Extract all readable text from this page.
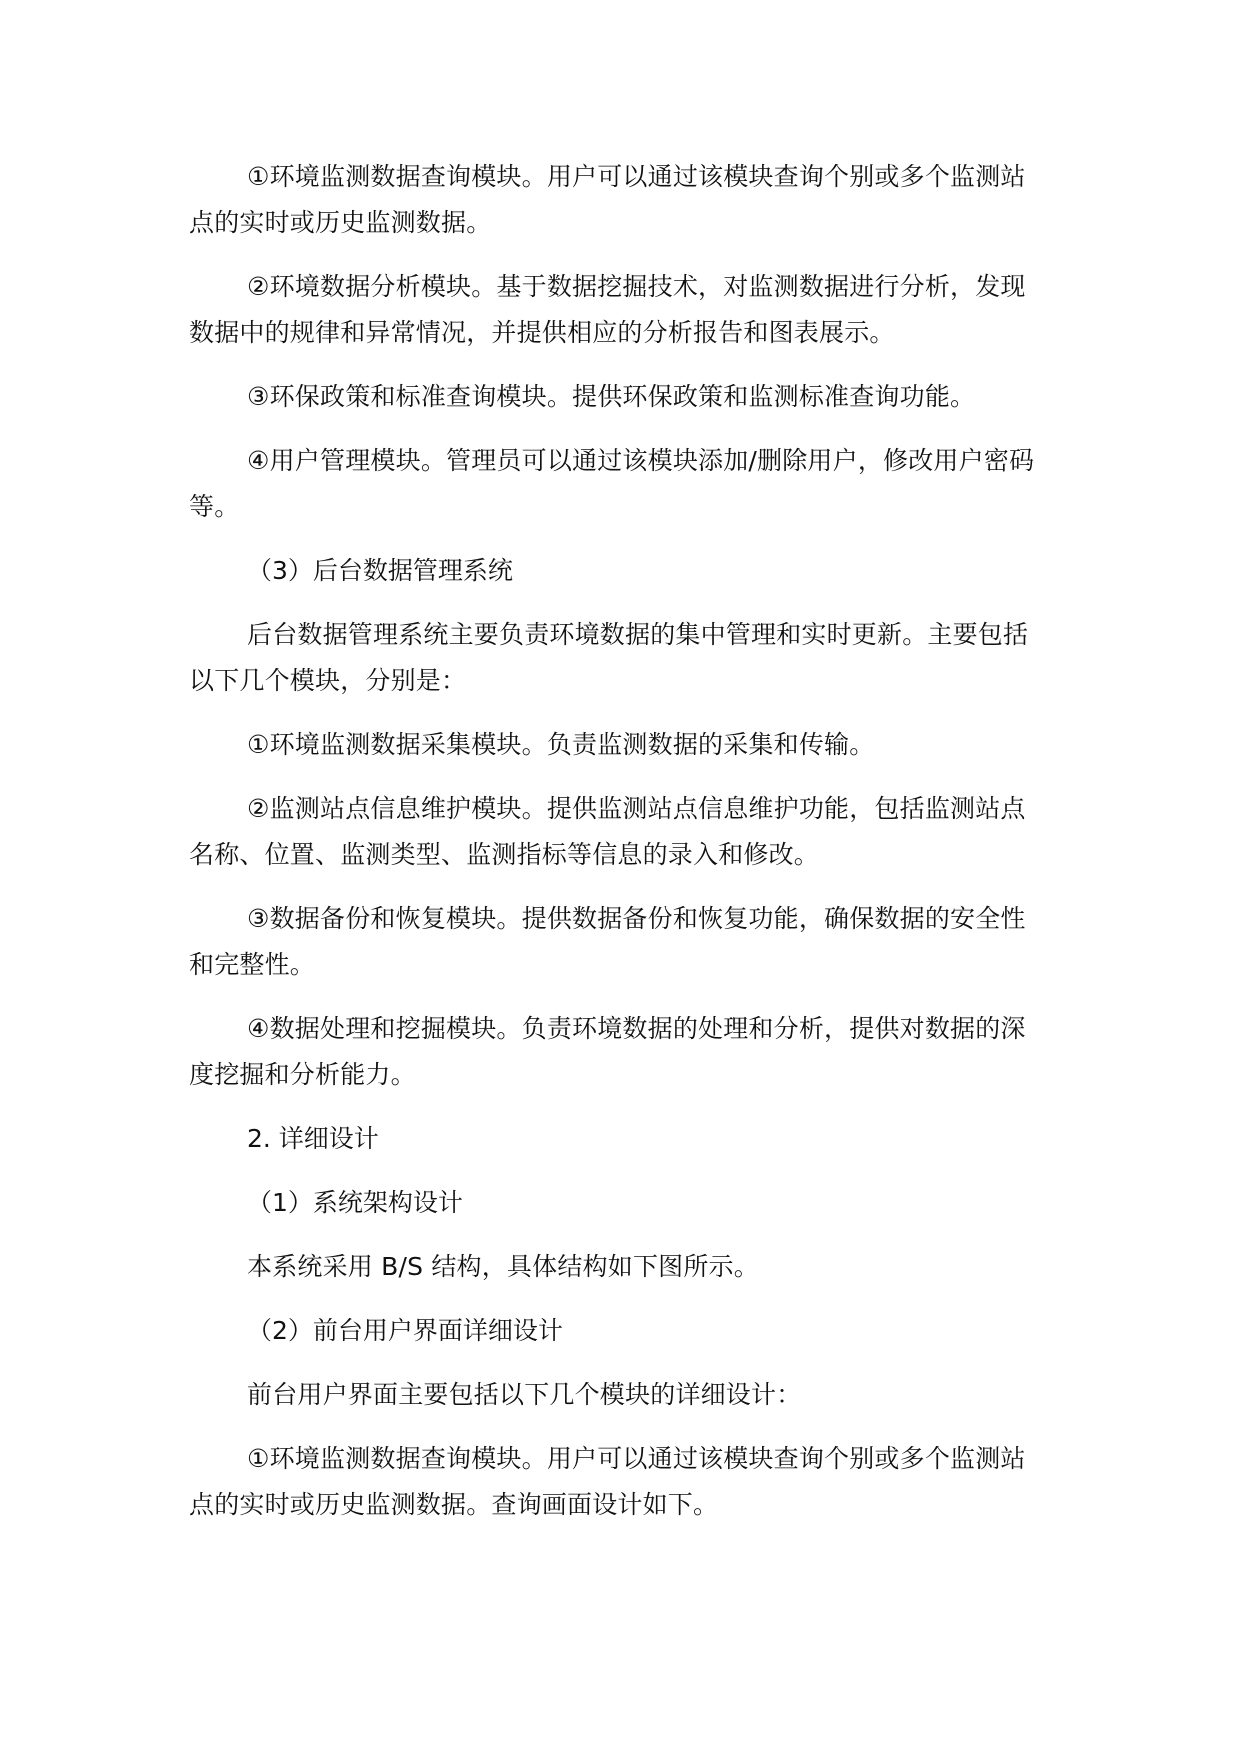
①环境监测数据查询模块。用户可以通过该模块查询个别或多个监测站点的实时或历史监测数据。

②环境数据分析模块。基于数据挖掘技术，对监测数据进行分析，发现数据中的规律和异常情况，并提供相应的分析报告和图表展示。

③环保政策和标准查询模块。提供环保政策和监测标准查询功能。

④用户管理模块。管理员可以通过该模块添加/删除用户，修改用户密码等。

（3）后台数据管理系统

后台数据管理系统主要负责环境数据的集中管理和实时更新。主要包括以下几个模块，分别是：

①环境监测数据采集模块。负责监测数据的采集和传输。

②监测站点信息维护模块。提供监测站点信息维护功能，包括监测站点名称、位置、监测类型、监测指标等信息的录入和修改。

③数据备份和恢复模块。提供数据备份和恢复功能，确保数据的安全性和完整性。

④数据处理和挖掘模块。负责环境数据的处理和分析，提供对数据的深度挖掘和分析能力。

2. 详细设计

（1）系统架构设计

本系统采用 B/S 结构，具体结构如下图所示。

（2）前台用户界面详细设计

前台用户界面主要包括以下几个模块的详细设计：

①环境监测数据查询模块。用户可以通过该模块查询个别或多个监测站点的实时或历史监测数据。查询画面设计如下。
